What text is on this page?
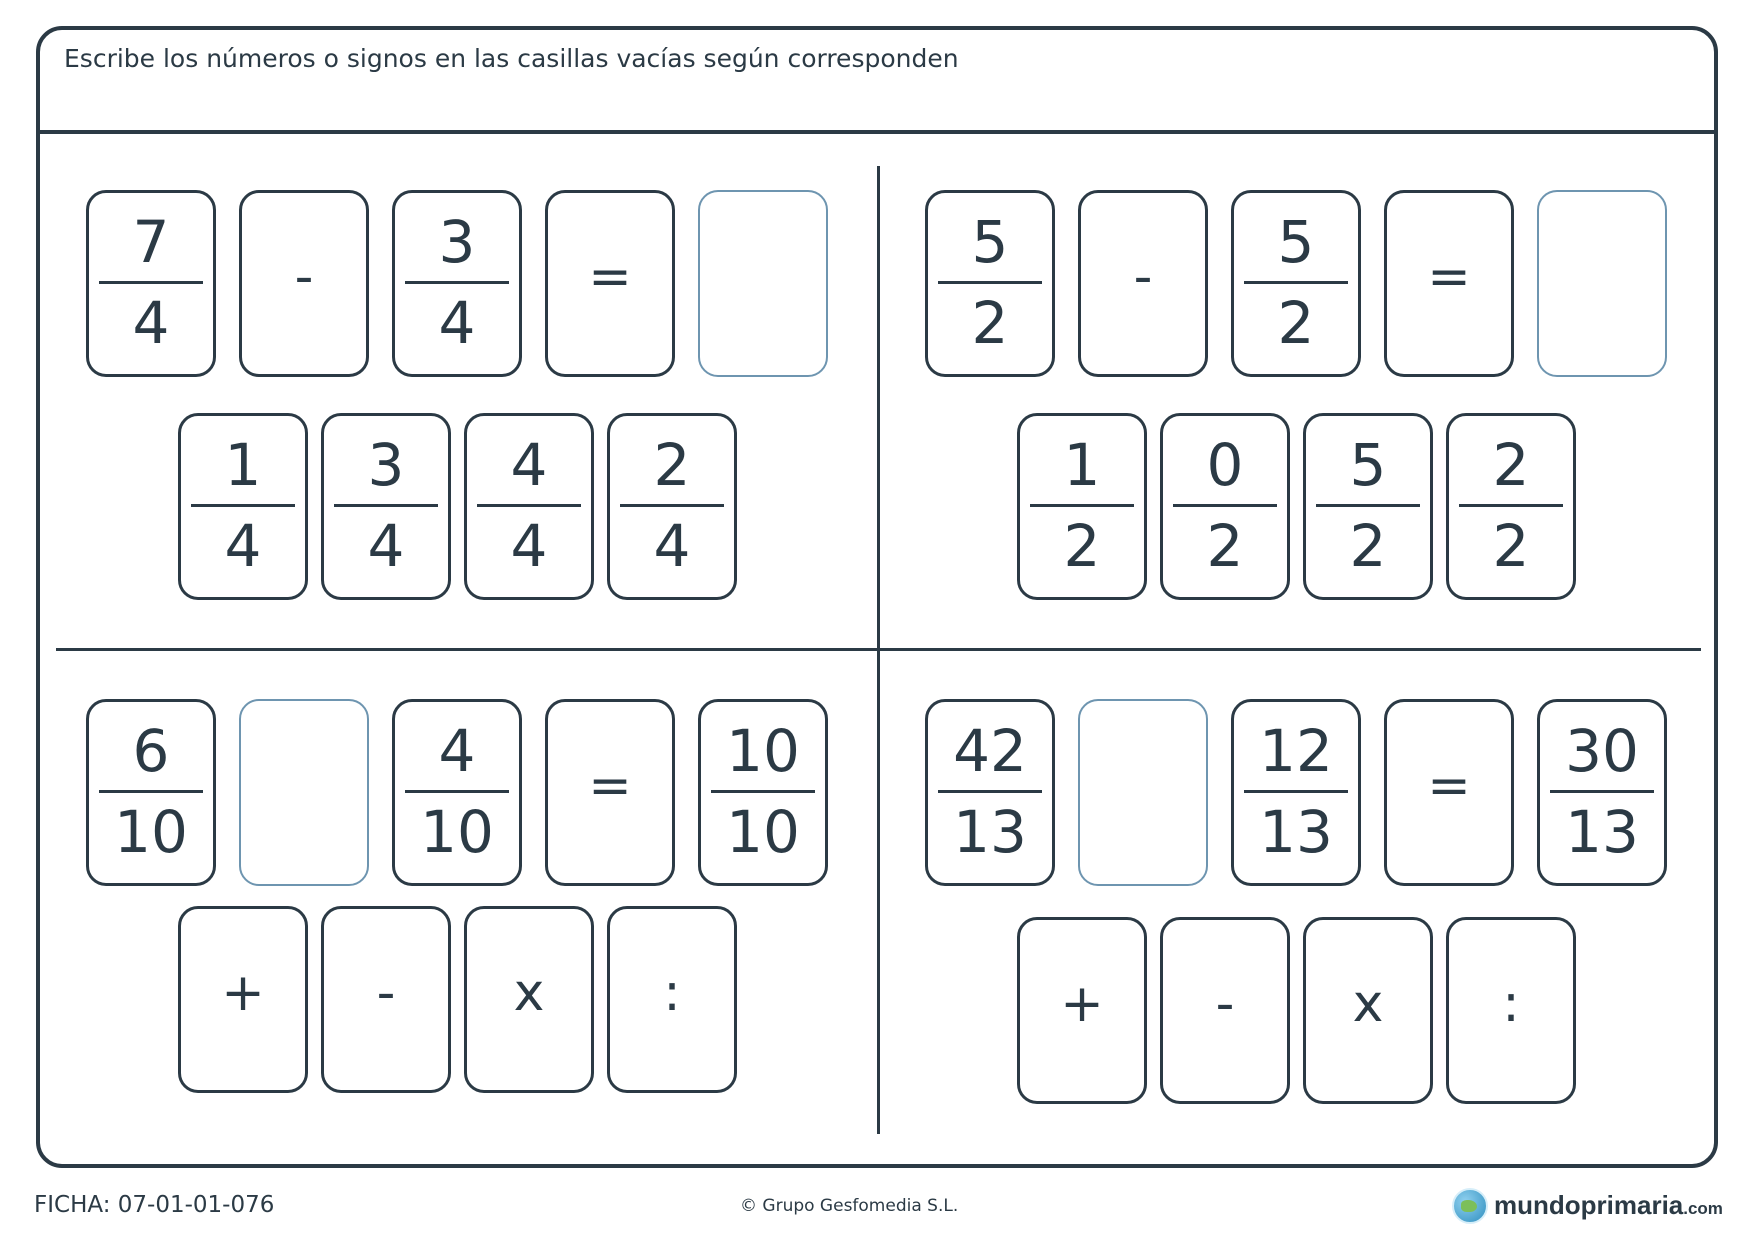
Escribe los números o signos en las casillas vacías según corresponden
7
4
-
3
4
=
1
4
3
4
4
4
2
4
5
2
-
5
2
=
1
2
0
2
5
2
2
2
6
10
4
10
=
10
10
+	-	x	:
42
13
12
13
=
30
13
+	-	x	:
FICHA: 07-01-01-076	© Grupo Gesfomedia S.L.	mundoprimaria.com
